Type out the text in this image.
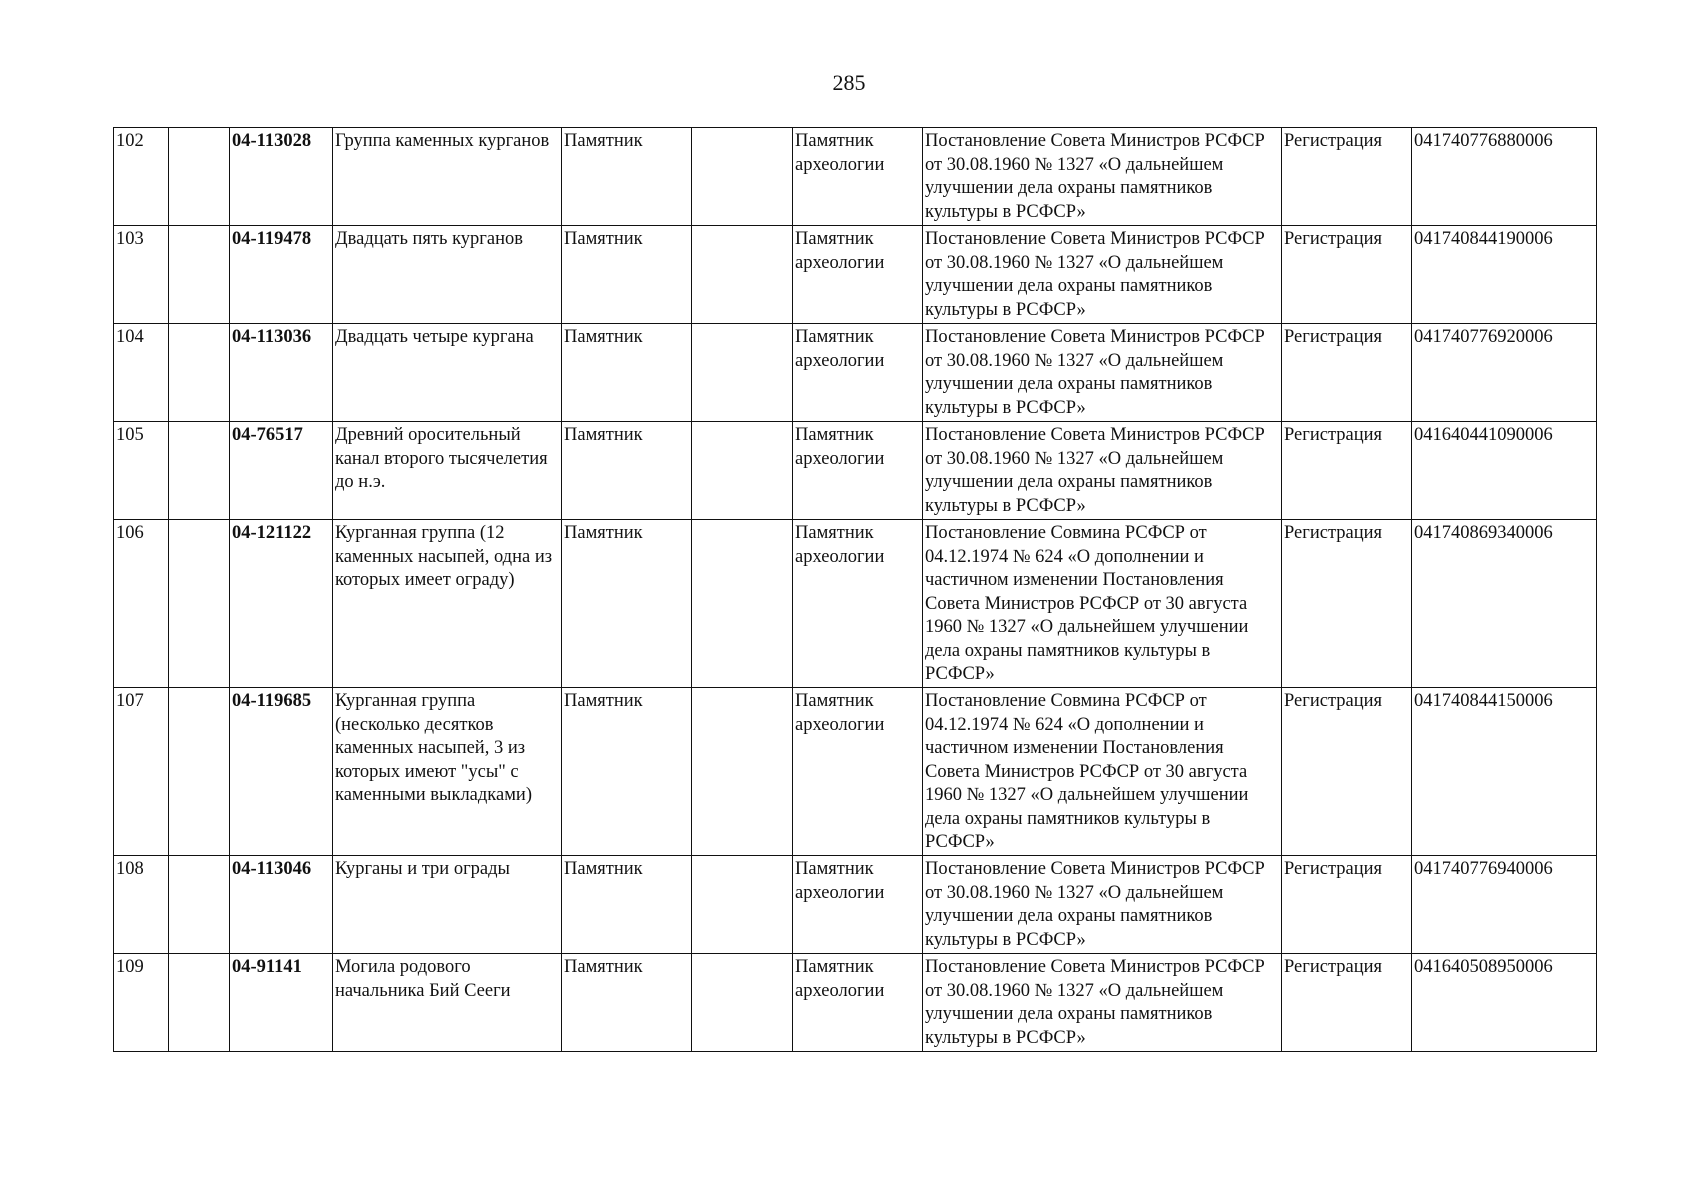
285
102		04-113028	Группа каменных курганов	Памятник		Памятник археологии	Постановление Совета Министров РСФСР от 30.08.1960 № 1327 «О дальнейшем улучшении дела охраны памятников культуры в РСФСР»	Регистрация	041740776880006
103		04-119478	Двадцать пять курганов	Памятник		Памятник археологии	Постановление Совета Министров РСФСР от 30.08.1960 № 1327 «О дальнейшем улучшении дела охраны памятников культуры в РСФСР»	Регистрация	041740844190006
104		04-113036	Двадцать четыре кургана	Памятник		Памятник археологии	Постановление Совета Министров РСФСР от 30.08.1960 № 1327 «О дальнейшем улучшении дела охраны памятников культуры в РСФСР»	Регистрация	041740776920006
105		04-76517	Древний оросительный канал второго тысячелетия до н.э.	Памятник		Памятник археологии	Постановление Совета Министров РСФСР от 30.08.1960 № 1327 «О дальнейшем улучшении дела охраны памятников культуры в РСФСР»	Регистрация	041640441090006
106		04-121122	Курганная группа (12 каменных насыпей, одна из которых имеет ограду)	Памятник		Памятник археологии	Постановление Совмина РСФСР от 04.12.1974 № 624 «О дополнении и частичном изменении Постановления Совета Министров РСФСР от 30 августа 1960 № 1327 «О дальнейшем улучшении дела охраны памятников культуры в РСФСР»	Регистрация	041740869340006
107		04-119685	Курганная группа (несколько десятков каменных насыпей, 3 из которых имеют "усы" с каменными выкладками)	Памятник		Памятник археологии	Постановление Совмина РСФСР от 04.12.1974 № 624 «О дополнении и частичном изменении Постановления Совета Министров РСФСР от 30 августа 1960 № 1327 «О дальнейшем улучшении дела охраны памятников культуры в РСФСР»	Регистрация	041740844150006
108		04-113046	Курганы и три ограды	Памятник		Памятник археологии	Постановление Совета Министров РСФСР от 30.08.1960 № 1327 «О дальнейшем улучшении дела охраны памятников культуры в РСФСР»	Регистрация	041740776940006
109		04-91141	Могила родового начальника Бий Сееги	Памятник		Памятник археологии	Постановление Совета Министров РСФСР от 30.08.1960 № 1327 «О дальнейшем улучшении дела охраны памятников культуры в РСФСР»	Регистрация	041640508950006
